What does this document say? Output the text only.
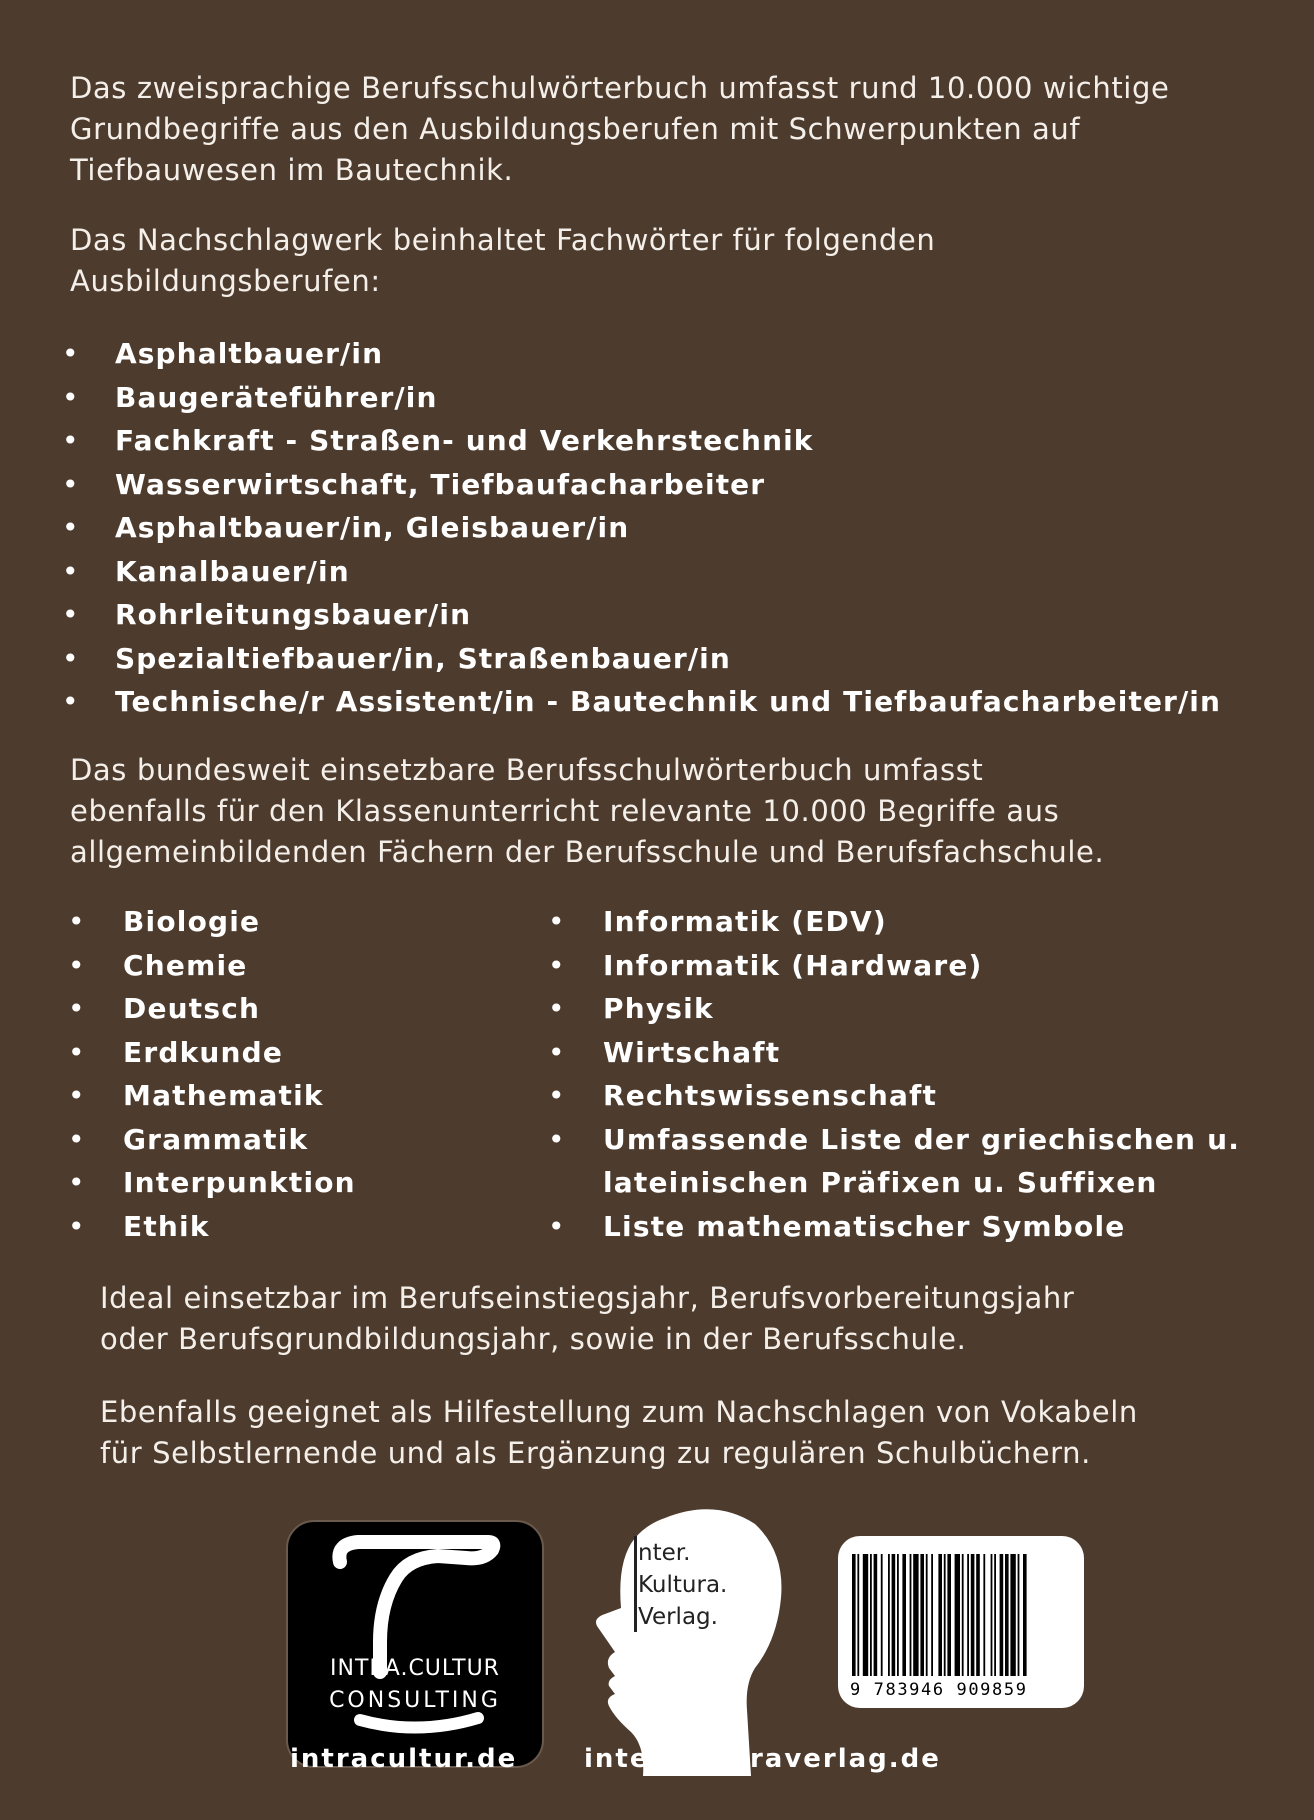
Das zweisprachige Berufsschulwörterbuch umfasst rund 10.000 wichtige
Grundbegriffe aus den Ausbildungsberufen mit Schwerpunkten auf
Tiefbauwesen im Bautechnik.

Das Nachschlagwerk beinhaltet Fachwörter für folgenden
Ausbildungsberufen:

• Asphaltbauer/in
• Baugeräteführer/in
• Fachkraft - Straßen- und Verkehrstechnik
• Wasserwirtschaft, Tiefbaufacharbeiter
• Asphaltbauer/in, Gleisbauer/in
• Kanalbauer/in
• Rohrleitungsbauer/in
• Spezialtiefbauer/in, Straßenbauer/in
• Technische/r Assistent/in - Bautechnik und Tiefbaufacharbeiter/in

Das bundesweit einsetzbare Berufsschulwörterbuch umfasst
ebenfalls für den Klassenunterricht relevante 10.000 Begriffe aus
allgemeinbildenden Fächern der Berufsschule und Berufsfachschule.

• Biologie
• Chemie
• Deutsch
• Erdkunde
• Mathematik
• Grammatik
• Interpunktion
• Ethik
• Informatik (EDV)
• Informatik (Hardware)
• Physik
• Wirtschaft
• Rechtswissenschaft
• Umfassende Liste der griechischen u.
lateinischen Präfixen u. Suffixen
• Liste mathematischer Symbole

Ideal einsetzbar im Berufseinstiegsjahr, Berufsvorbereitungsjahr
oder Berufsgrundbildungsjahr, sowie in der Berufsschule.

Ebenfalls geeignet als Hilfestellung zum Nachschlagen von Vokabeln
für Selbstlernende und als Ergänzung zu regulären Schulbüchern.

INTRA.CULTUR
CONSULTING
nter.
Kultura.
Verlag.
9 783946 909859
intracultur.de	interkulturaverlag.de
